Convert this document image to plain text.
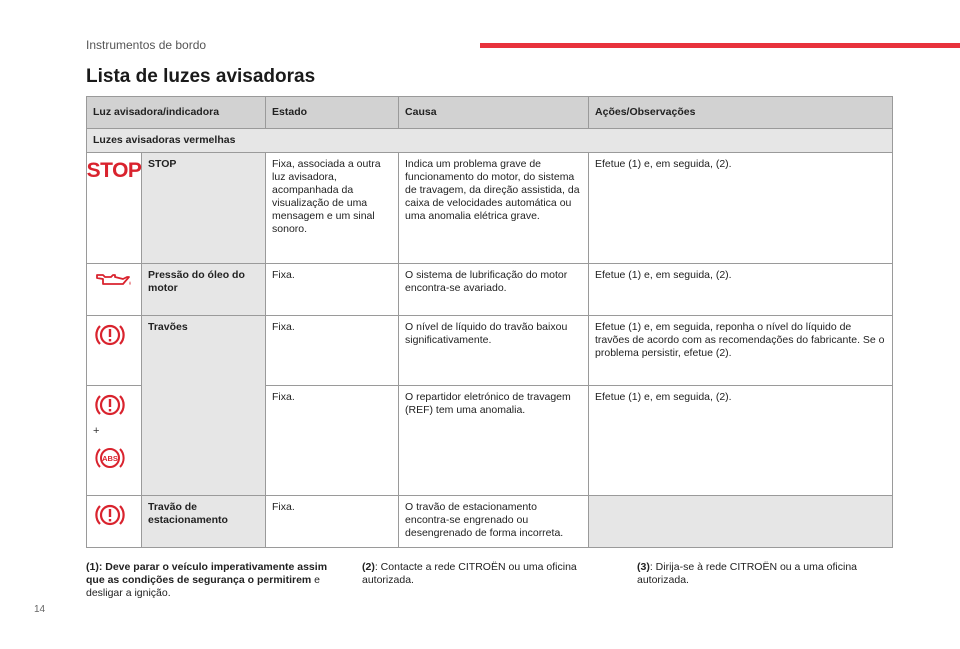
Instrumentos de bordo
Lista de luzes avisadoras
Luz avisadora/indicadora		Estado	Causa	Ações/Observações
Luzes avisadoras vermelhas				

STOP	STOP	Fixa, associada a outra luz avisadora, acompanhada da visualização de uma mensagem e um sinal sonoro.	Indica um problema grave de funcionamento do motor, do sistema de travagem, da direção assistida, da caixa de velocidades automática ou uma anomalia elétrica grave.	Efetue (1) e, em seguida, (2).
	Pressão do óleo do motor	Fixa.	O sistema de lubrificação do motor encontra-se avariado.	Efetue (1) e, em seguida, (2).
	Travões	Fixa.	O nível de líquido do travão baixou significativamente.	Efetue (1) e, em seguida, reponha o nível do líquido de travões de acordo com as recomendações do fabricante. Se o problema persistir, efetue (2).

+
ABS		Fixa.	O repartidor eletrónico de travagem (REF) tem uma anomalia.	Efetue (1) e, em seguida, (2).
	Travão de estacionamento	Fixa.	O travão de estacionamento encontra-se engrenado ou desengrenado de forma incorreta.	
(1): Deve parar o veículo imperativamente assim que as condições de segurança o permitirem e desligar a ignição.
(2): Contacte a rede CITROËN ou uma oficina autorizada.
(3): Dirija-se à rede CITROËN ou a uma oficina autorizada.
14
